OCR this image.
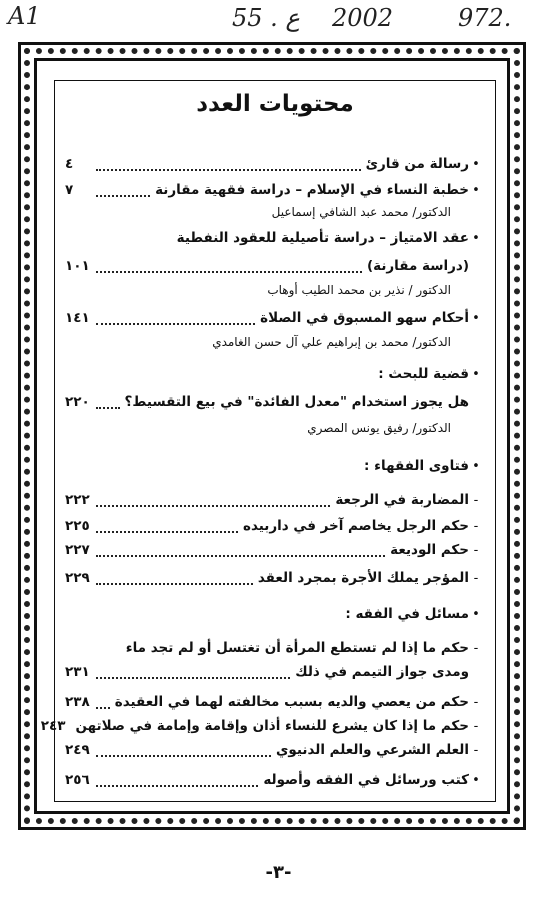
A1	55 . ع 2002	972.
محتويات العدد
•
رسالة من قارئ
٤
•
خطبة النساء في الإسلام – دراسة فقهية مقارنة
٧
الدكتور/ محمد عبد الشافي إسماعيل
•
عقد الامتياز – دراسة تأصيلية للعقود النفطية
(دراسة مقارنة)
١٠١
الدكتور / نذير بن محمد الطيب أوهاب
•
أحكام سهو المسبوق في الصلاة
١٤١
الدكتور/ محمد بن إبراهيم علي آل حسن الغامدي
•
قضية للبحث :
هل يجوز استخدام "معدل الفائدة" في بيع التقسيط؟
٢٢٠
الدكتور/ رفيق يونس المصري
•
فتاوى الفقهاء :
-
المضاربة في الرجعة
٢٢٢
-
حكم الرجل يخاصم آخر في داربيده
٢٢٥
-
حكم الوديعة
٢٢٧
-
المؤجر يملك الأجرة بمجرد العقد
٢٢٩
•
مسائل في الفقه :
-
حكم ما إذا لم تستطع المرأة أن تغتسل أو لم تجد ماء
ومدى جواز التيمم في ذلك
٢٣١
-
حكم من يعصي والديه بسبب مخالفته لهما في العقيدة
٢٣٨
-
حكم ما إذا كان يشرع للنساء أذان وإقامة وإمامة في صلاتهن
٢٤٣
-
العلم الشرعي والعلم الدنيوي
٢٤٩
•
كتب ورسائل في الفقه وأصوله
٢٥٦
-٣-
